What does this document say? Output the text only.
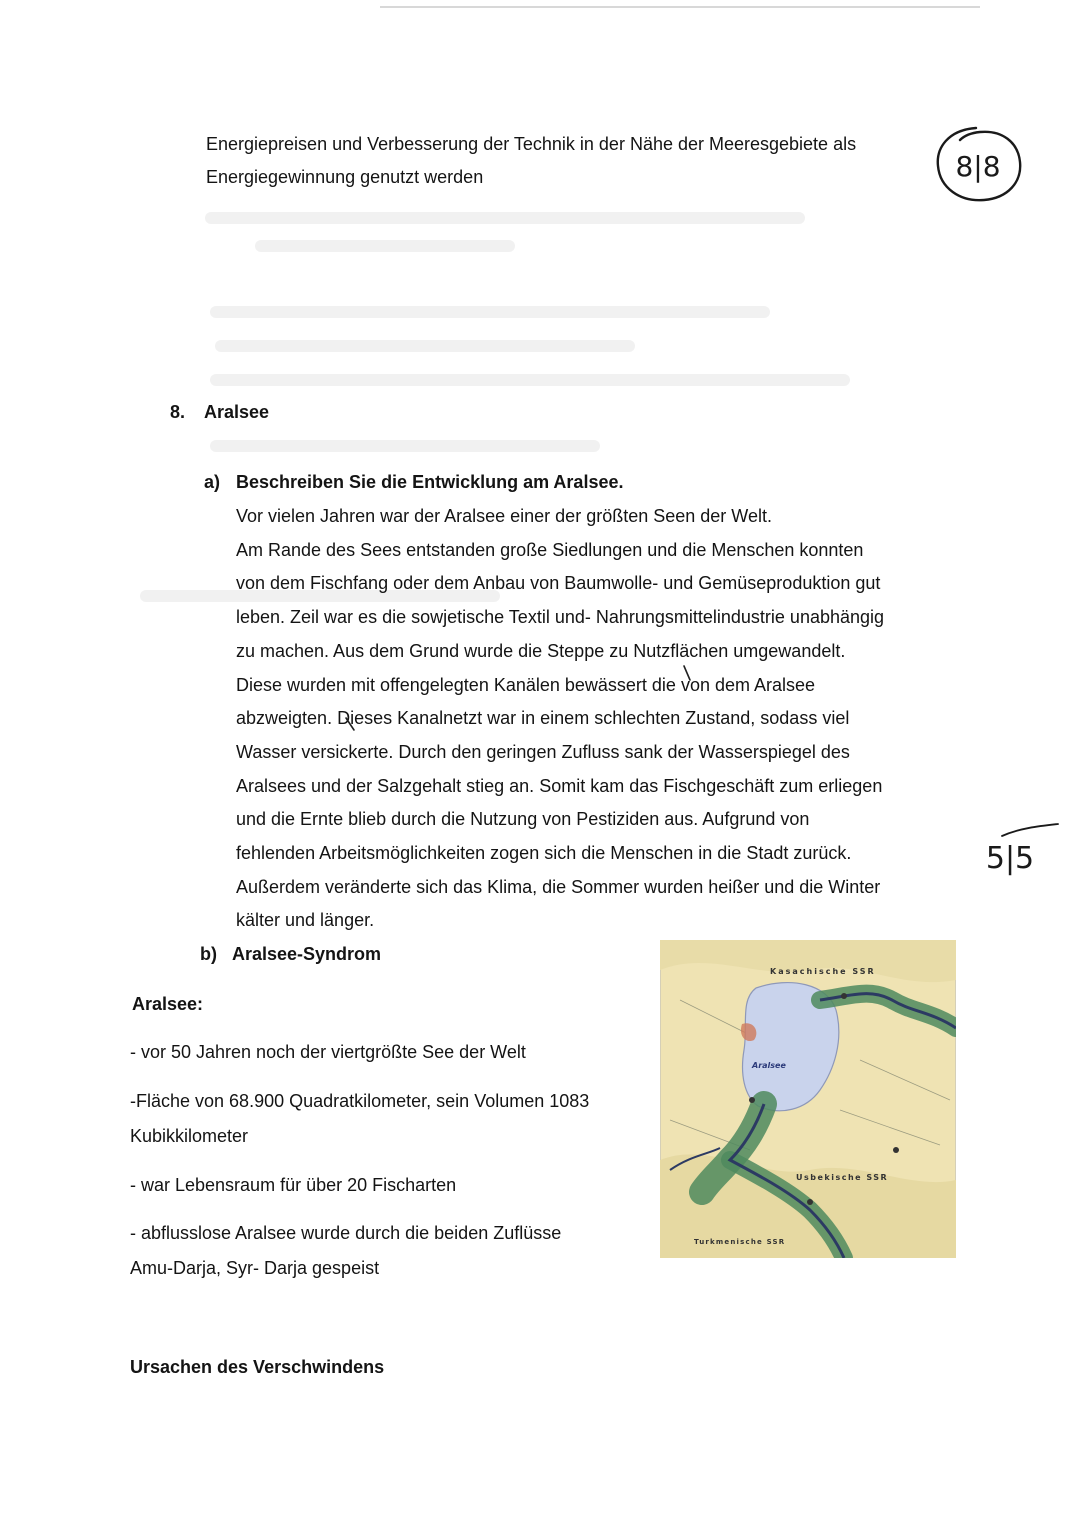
Energiepreisen und Verbesserung der Technik in der Nähe der Meeresgebiete als
Energiegewinnung genutzt werden	8|8
8. Aralsee
a) Beschreiben Sie die Entwicklung am Aralsee.
Vor vielen Jahren war der Aralsee einer der größten Seen der Welt.
Am Rande des Sees entstanden große Siedlungen und die Menschen konnten
von dem Fischfang oder dem Anbau von Baumwolle- und Gemüseproduktion gut
leben. Zeil war es die sowjetische Textil und- Nahrungsmittelindustrie unabhängig
zu machen. Aus dem Grund wurde die Steppe zu Nutzflächen umgewandelt.
Diese wurden mit offengelegten Kanälen bewässert die von dem Aralsee
abzweigten. Dieses Kanalnetzt war in einem schlechten Zustand, sodass viel
Wasser versickerte. Durch den geringen Zufluss sank der Wasserspiegel des
Aralsees und der Salzgehalt stieg an. Somit kam das Fischgeschäft zum erliegen
und die Ernte blieb durch die Nutzung von Pestiziden aus. Aufgrund von
fehlenden Arbeitsmöglichkeiten zogen sich die Menschen in die Stadt zurück.
Außerdem veränderte sich das Klima, die Sommer wurden heißer und die Winter
kälter und länger.
5|5
b) Aralsee-Syndrom
Aralsee:
- vor 50 Jahren noch der viertgrößte See der Welt
-Fläche von 68.900 Quadratkilometer, sein Volumen 1083
Kubikkilometer
- war Lebensraum für über 20 Fischarten
- abflusslose Aralsee wurde durch die beiden Zuflüsse
Amu-Darja, Syr- Darja gespeist
Ursachen des Verschwindens
Kasachische SSR
Aralsee
Usbekische SSR
Turkmenische SSR
